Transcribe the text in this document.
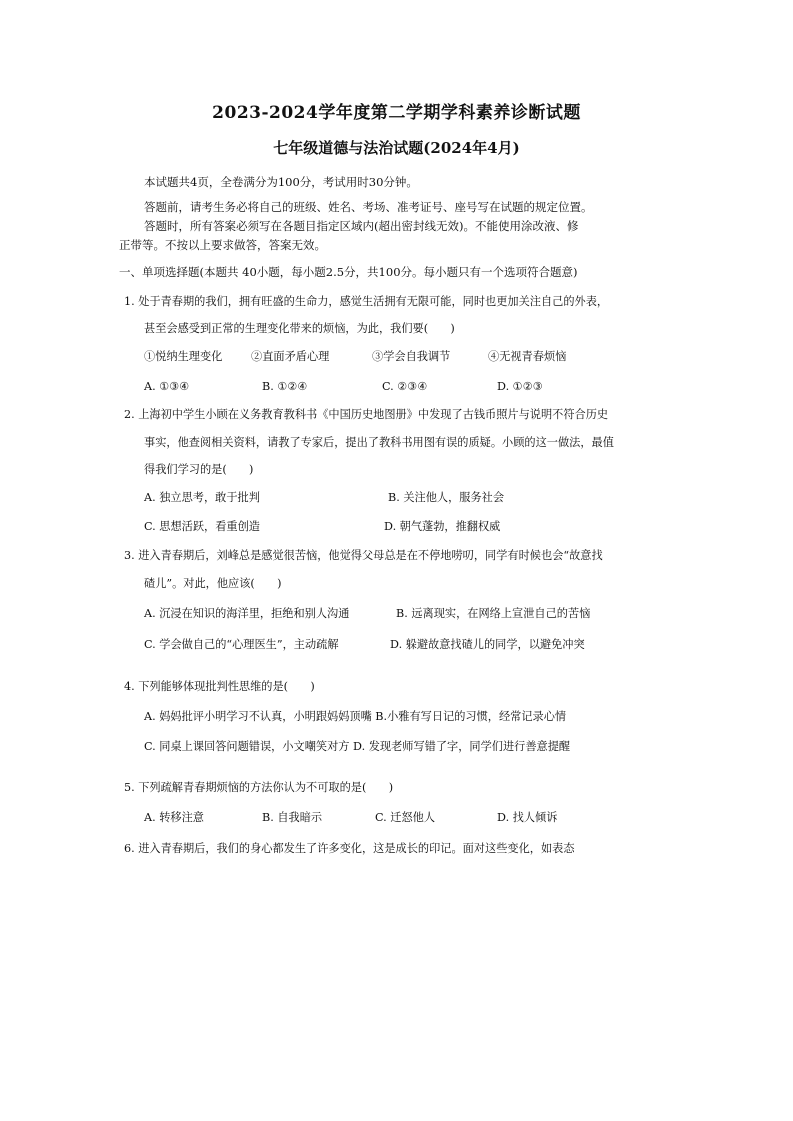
2023-2024学年度第二学期学科素养诊断试题
七年级道德与法治试题(2024年4月)
本试题共4页，全卷满分为100分，考试用时30分钟。
答题前，请考生务必将自己的班级、姓名、考场、准考证号、座号写在试题的规定位置。
答题时，所有答案必须写在各题目指定区域内(超出密封线无效)。不能使用涂改液、修
正带等。不按以上要求做答，答案无效。
一、单项选择题(本题共 40小题，每小题2.5分，共100分。每小题只有一个选项符合题意)
1. 处于青春期的我们，拥有旺盛的生命力，感觉生活拥有无限可能，同时也更加关注自己的外表，
甚至会感受到正常的生理变化带来的烦恼，为此，我们要(　　)
①悦纳生理变化	②直面矛盾心理	③学会自我调节	④无视青春烦恼
A. ①③④	B. ①②④	C. ②③④	D. ①②③
2. 上海初中学生小顾在义务教育教科书《中国历史地图册》中发现了古钱币照片与说明不符合历史
事实，他查阅相关资料，请教了专家后，提出了教科书用图有误的质疑。小顾的这一做法，最值
得我们学习的是(　　)
A. 独立思考，敢于批判	B. 关注他人，服务社会
C. 思想活跃，看重创造	D. 朝气蓬勃，推翻权威
3. 进入青春期后，刘峰总是感觉很苦恼，他觉得父母总是在不停地唠叨，同学有时候也会“故意找
碴儿”。对此，他应该(　　)
A. 沉浸在知识的海洋里，拒绝和别人沟通	B. 远离现实，在网络上宣泄自己的苦恼
C. 学会做自己的“心理医生”，主动疏解	D. 躲避故意找碴儿的同学，以避免冲突
4. 下列能够体现批判性思维的是(　　)
A. 妈妈批评小明学习不认真，小明跟妈妈顶嘴 B.小雅有写日记的习惯，经常记录心情
C. 同桌上课回答问题错误，小文嘲笑对方 D. 发现老师写错了字，同学们进行善意提醒
5. 下列疏解青春期烦恼的方法你认为不可取的是(　　)
A. 转移注意	B. 自我暗示	C. 迁怒他人	D. 找人倾诉
6. 进入青春期后，我们的身心都发生了许多变化，这是成长的印记。面对这些变化，如表态
